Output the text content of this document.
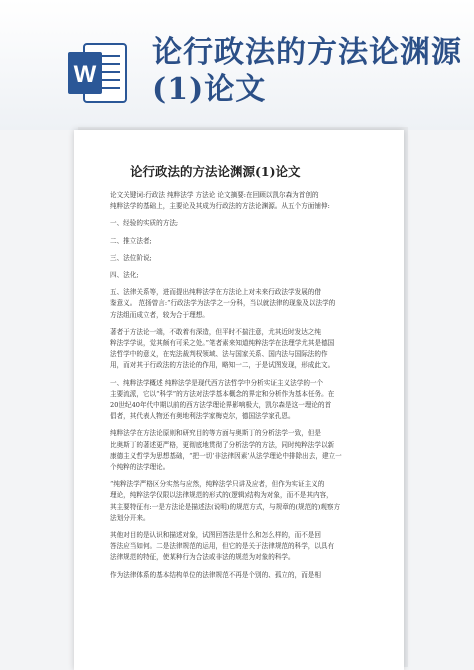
W
论行政法的方法论渊源
(1)论文
论行政法的方法论渊源(1)论文

论文关键词:行政法 纯粹法学 方法论 论文摘要:在回顾以凯尔森为首创的

纯粹法学的基础上，主要论及其成为行政法的方法论渊源。从五个方面铺伸:

一、经验的实质的方法;

二、推立法者;

三、法位阶说;

四、法化;

五、法律关系等，进而提出纯粹法学在方法论上对未来行政法学发展的借

鉴意义。 范扬曾言:“行政法学为法学之一分科，当以就法律的现象及以法学的

方法组而成立者，较为合于理想。

著者于方法论一端，不敢着有深造，但平时不揣注意，尤其近时发达之纯

粹法学学说，觉其颇有可采之处。”笔者素来知道纯粹法学在法理学尤其是德国

法哲学中的意义，在宪法裁判权领域、法与国家关系、国内法与国际法的作

用，而对其于行政法的方法论的作用，略知一二，于是试图发现，形成此文。

一、纯粹法学概述 纯粹法学是现代西方法哲学中分析实证主义法学的一个

主要流派，它以“科学”的方法对法学基本概念的界定和分析作为基本任务。在

20世纪40年代中期以前的西方法学理论界影响极大，凯尔森是这一理论的首

倡者，其代表人物还有奥地利法学家梅克尔，德国法学家孔恩。

纯粹法学在方法论原则和研究目的等方面与奥斯丁的分析法学一致，但是

比奥斯丁的著述更严格，更彻底地贯彻了分析法学的方法，同时纯粹法学以新

康德主义哲学为思想基础，“把一切‘非法律因素’从法学理论中排除出去，建立一

个纯粹的法学理论。

“纯粹法学严格区分实然与应然，纯粹法学只讲及应者，但作为实证主义的

理论，纯粹法学仅限以法律规范的形式的(逻辑)结构为对象，而不是其内容，

其主要特征有:一是方法论是描述法(说明)的规范方式，与规章的(规范的)观察方

法划分开来。

其他对目的是认识和描述对象，试图回答法是什么和怎么样的，而不是回

答法应当如何。二是法律规范的运用，但它的是关于法律规范的科学，以具有

法律规范的特征，使某种行为合法或非法的规范为对象的科学。

作为法律体系的基本结构单位的法律规范不再是个别的、孤立的，而是相
